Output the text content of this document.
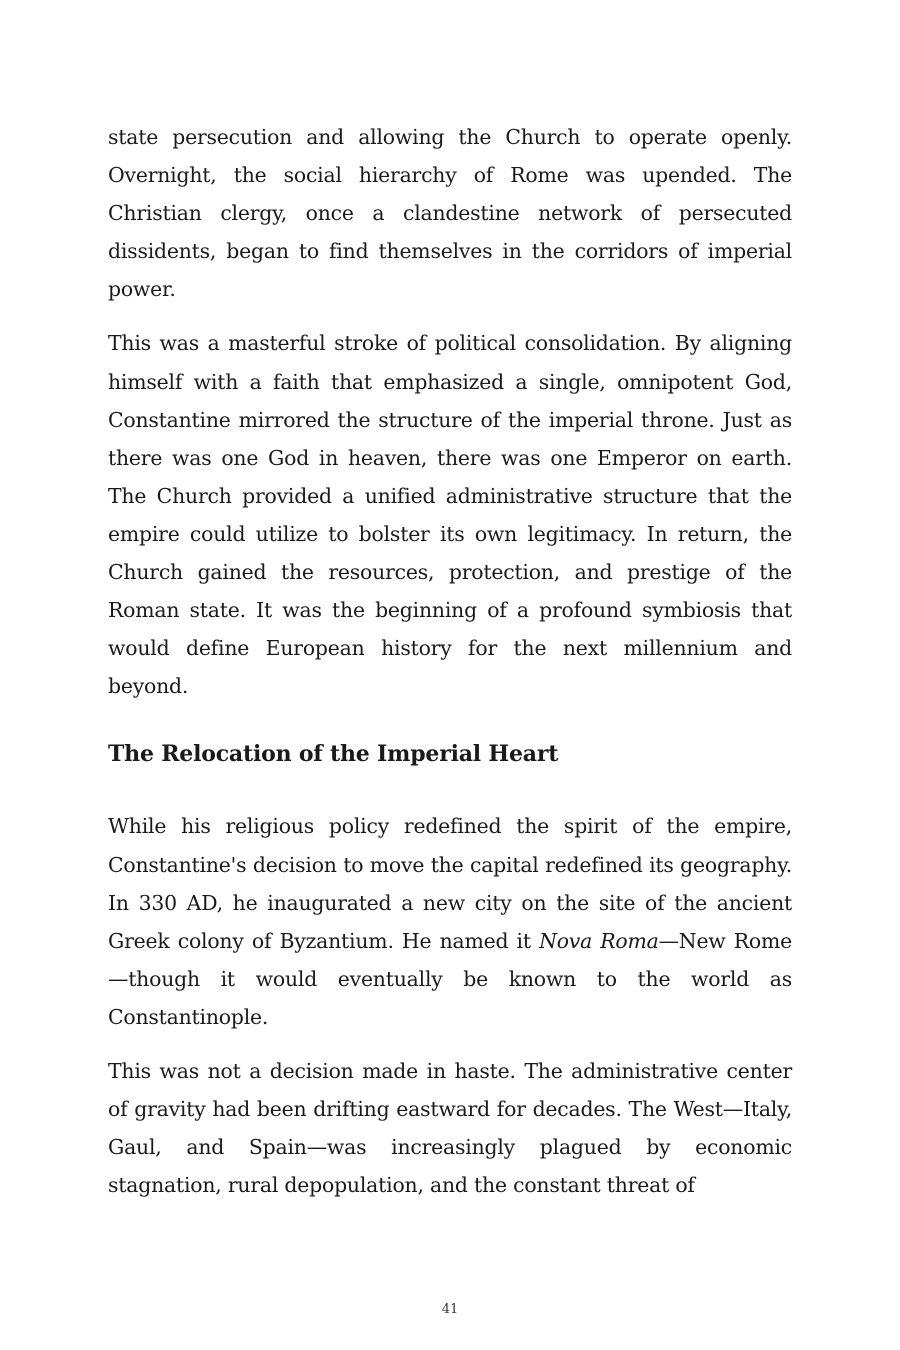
state persecution and allowing the Church to operate openly. Overnight, the social hierarchy of Rome was upended. The Christian clergy, once a clandestine network of persecuted dissidents, began to find themselves in the corridors of imperial power.

This was a masterful stroke of political consolidation. By aligning himself with a faith that emphasized a single, omnipotent God, Constantine mirrored the structure of the imperial throne. Just as there was one God in heaven, there was one Emperor on earth. The Church provided a unified administrative structure that the empire could utilize to bolster its own legitimacy. In return, the Church gained the resources, protection, and prestige of the Roman state. It was the beginning of a profound symbiosis that would define European history for the next millennium and beyond.

The Relocation of the Imperial Heart

While his religious policy redefined the spirit of the empire, Constantine's decision to move the capital redefined its geography. In 330 AD, he inaugurated a new city on the site of the ancient Greek colony of Byzantium. He named it Nova Roma—New Rome—though it would eventually be known to the world as Constantinople.

This was not a decision made in haste. The administrative center of gravity had been drifting eastward for decades. The West—Italy, Gaul, and Spain—was increasingly plagued by economic stagnation, rural depopulation, and the constant threat of

41
